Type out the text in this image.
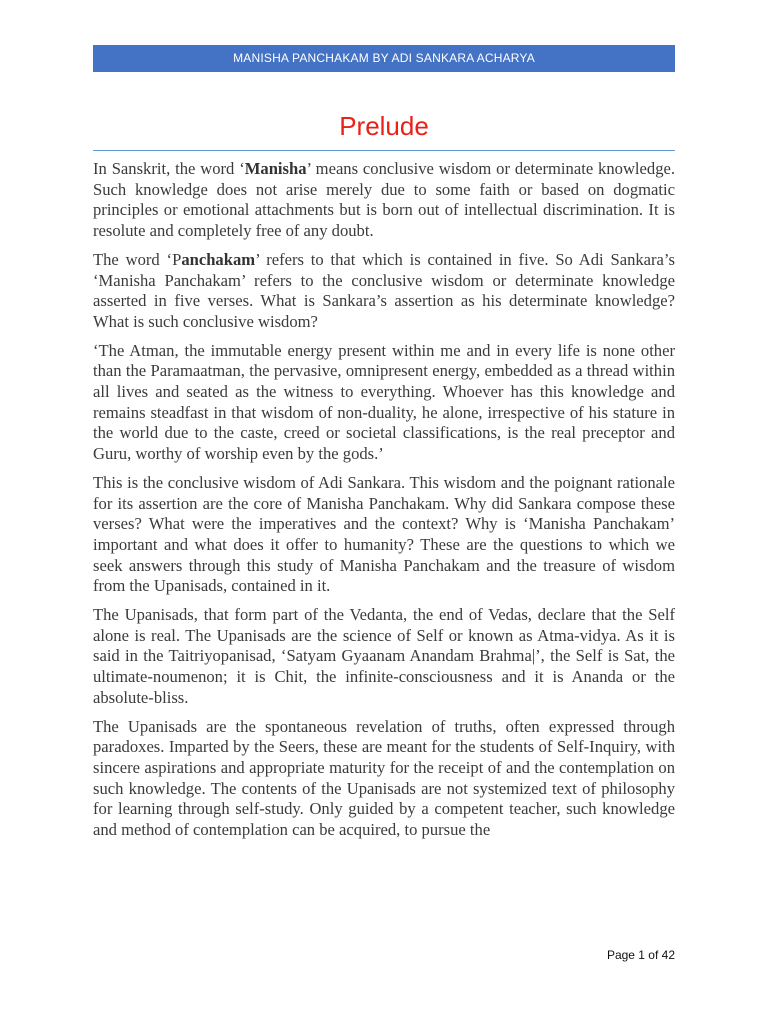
MANISHA PANCHAKAM BY ADI SANKARA ACHARYA
Prelude

In Sanskrit, the word ‘Manisha’ means conclusive wisdom or determinate knowledge. Such knowledge does not arise merely due to some faith or based on dogmatic principles or emotional attachments but is born out of intellectual discrimination. It is resolute and completely free of any doubt.

The word ‘Panchakam’ refers to that which is contained in five. So Adi Sankara’s ‘Manisha Panchakam’ refers to the conclusive wisdom or determinate knowledge asserted in five verses. What is Sankara’s assertion as his determinate knowledge? What is such conclusive wisdom?

‘The Atman, the immutable energy present within me and in every life is none other than the Paramaatman, the pervasive, omnipresent energy, embedded as a thread within all lives and seated as the witness to everything. Whoever has this knowledge and remains steadfast in that wisdom of non-duality, he alone, irrespective of his stature in the world due to the caste, creed or societal classifications, is the real preceptor and Guru, worthy of worship even by the gods.’

This is the conclusive wisdom of Adi Sankara. This wisdom and the poignant rationale for its assertion are the core of Manisha Panchakam. Why did Sankara compose these verses? What were the imperatives and the context? Why is ‘Manisha Panchakam’ important and what does it offer to humanity? These are the questions to which we seek answers through this study of Manisha Panchakam and the treasure of wisdom from the Upanisads, contained in it.

The Upanisads, that form part of the Vedanta, the end of Vedas, declare that the Self alone is real. The Upanisads are the science of Self or known as Atma-vidya. As it is said in the Taitriyopanisad, ‘Satyam Gyaanam Anandam Brahma|’, the Self is Sat, the ultimate-noumenon; it is Chit, the infinite-consciousness and it is Ananda or the absolute-bliss.

The Upanisads are the spontaneous revelation of truths, often expressed through paradoxes. Imparted by the Seers, these are meant for the students of Self-Inquiry, with sincere aspirations and appropriate maturity for the receipt of and the contemplation on such knowledge. The contents of the Upanisads are not systemized text of philosophy for learning through self-study. Only guided by a competent teacher, such knowledge and method of contemplation can be acquired, to pursue the

Page 1 of 42
